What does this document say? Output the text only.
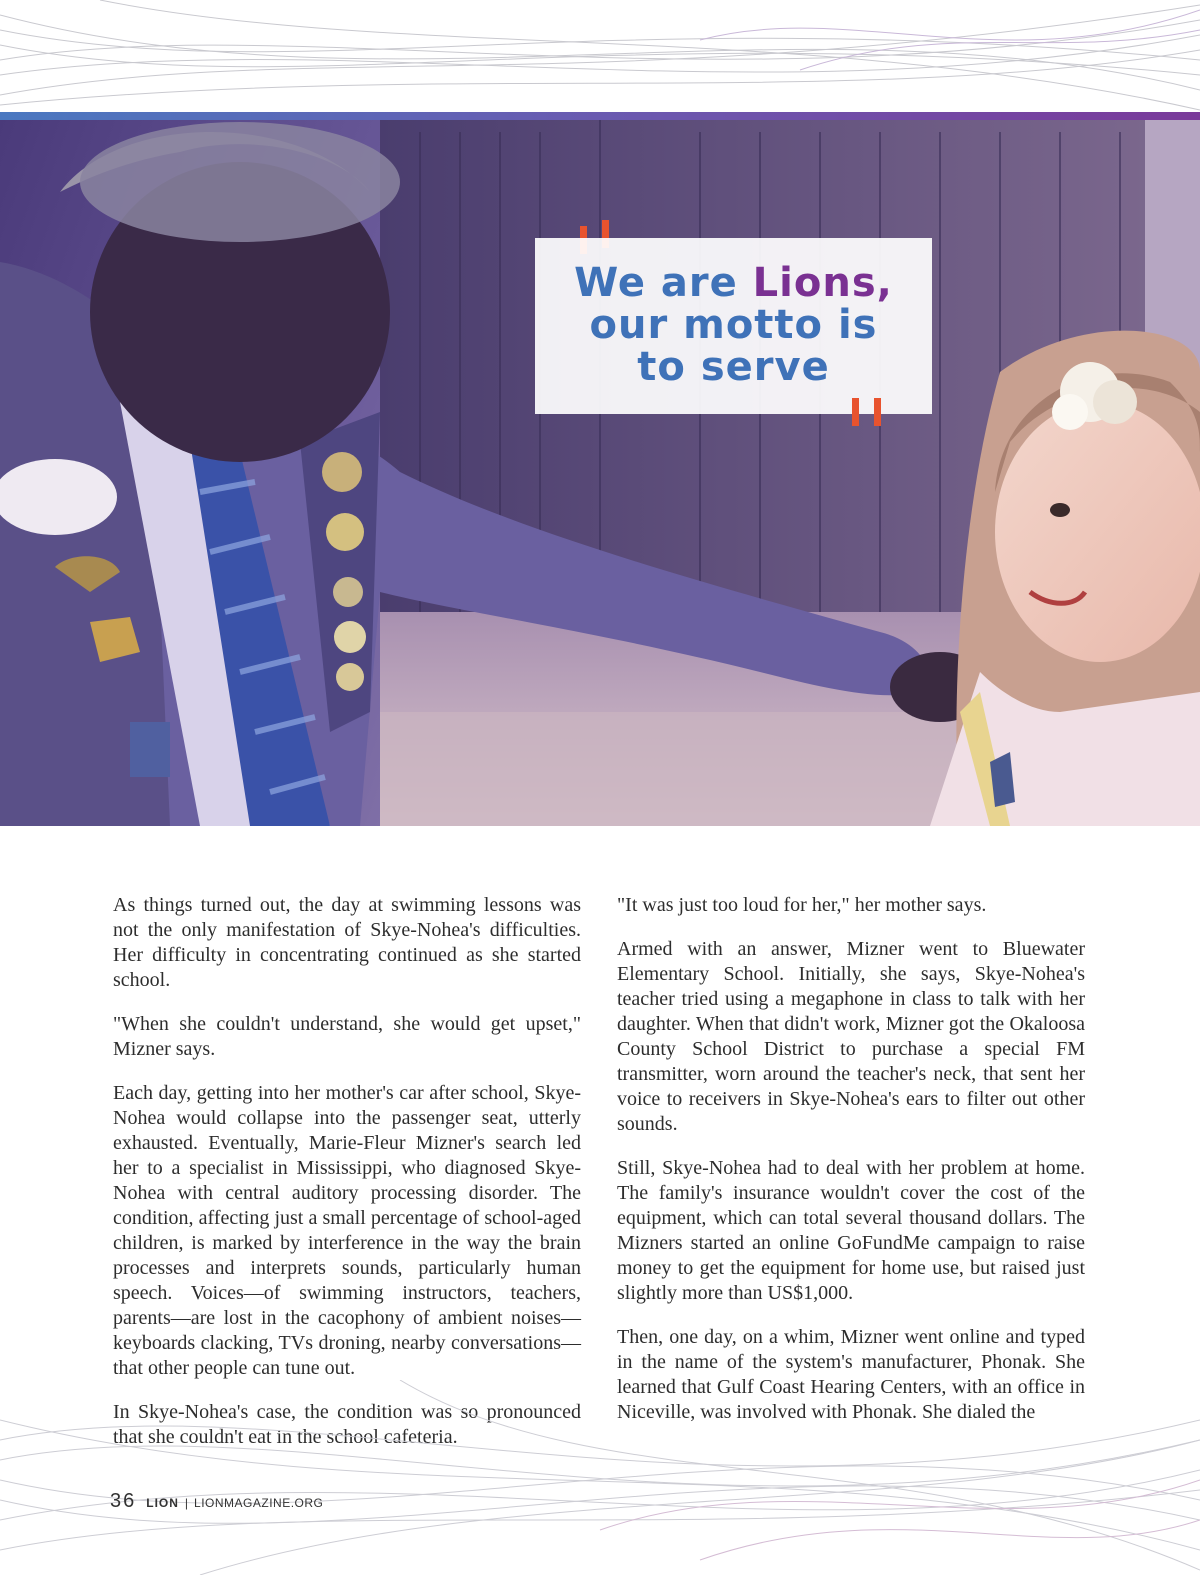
We are Lions,
our motto is
to serve

As things turned out, the day at swimming lessons was not the only manifestation of Skye-Nohea's difficulties. Her difficulty in concentrating continued as she started school.

"When she couldn't understand, she would get upset," Mizner says.

Each day, getting into her mother's car after school, Skye-Nohea would collapse into the passenger seat, utterly exhausted. Eventually, Marie-Fleur Mizner's search led her to a specialist in Mississippi, who diagnosed Skye-Nohea with central auditory processing disorder. The condition, affecting just a small percentage of school-aged children, is marked by interference in the way the brain processes and interprets sounds, particularly human speech. Voices—of swimming instructors, teachers, parents—are lost in the cacophony of ambient noises—keyboards clacking, TVs droning, nearby conversations—that other people can tune out.

In Skye-Nohea's case, the condition was so pronounced that she couldn't eat in the school cafeteria.

"It was just too loud for her," her mother says.

Armed with an answer, Mizner went to Bluewater Elementary School. Initially, she says, Skye-Nohea's teacher tried using a megaphone in class to talk with her daughter. When that didn't work, Mizner got the Okaloosa County School District to purchase a special FM transmitter, worn around the teacher's neck, that sent her voice to receivers in Skye-Nohea's ears to filter out other sounds.

Still, Skye-Nohea had to deal with her problem at home. The family's insurance wouldn't cover the cost of the equipment, which can total several thousand dollars. The Mizners started an online GoFundMe campaign to raise money to get the equipment for home use, but raised just slightly more than US$1,000.

Then, one day, on a whim, Mizner went online and typed in the name of the system's manufacturer, Phonak. She learned that Gulf Coast Hearing Centers, with an office in Niceville, was involved with Phonak. She dialed the

36 LION | LIONMAGAZINE.ORG
